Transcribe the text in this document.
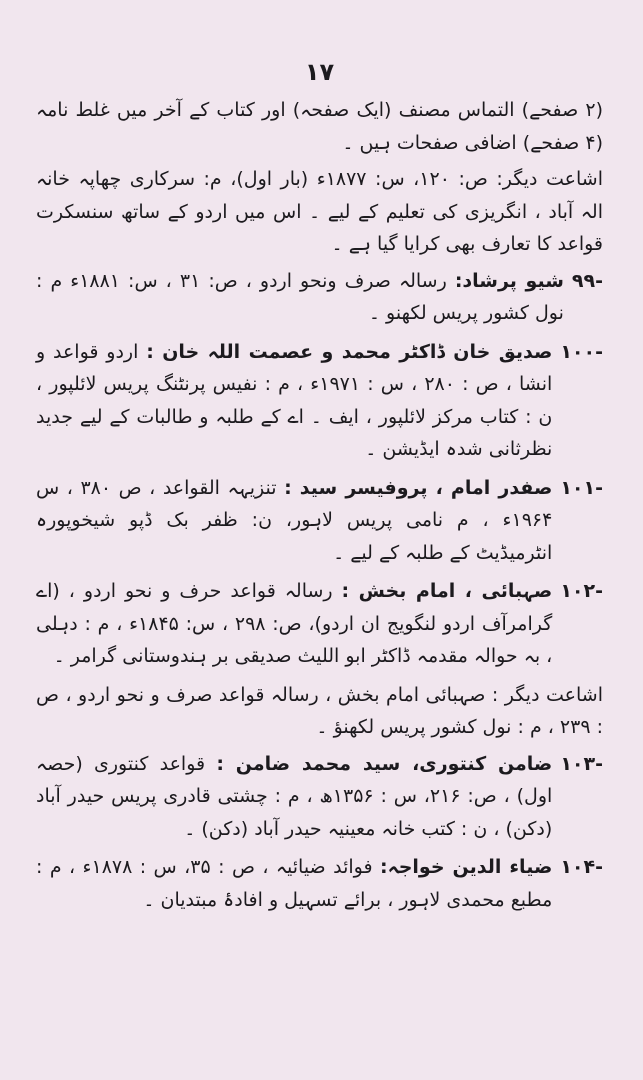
۱۷

(۲ صفحے) التماس مصنف (ایک صفحہ) اور کتاب کے آخر میں غلط نامہ (۴ صفحے) اضافی صفحات ہیں ۔

اشاعت دیگر: ص: ۱۲۰، س: ۱۸۷۷ء (بار اول)، م: سرکاری چھاپہ خانہ الہ آباد ، انگریزی کی تعلیم کے لیے ۔ اس میں اردو کے ساتھ سنسکرت قواعد کا تعارف بھی کرایا گیا ہے ۔

-۹۹
شیو پرشاد: رسالہ صرف ونحو اردو ، ص: ۳۱ ، س: ۱۸۸۱ء م : نول کشور پریس لکھنو ۔
-۱۰۰
صدیق خان ڈاکٹر محمد و عصمت اللہ خان : اردو قواعد و انشا ، ص : ۲۸۰ ، س : ۱۹۷۱ء ، م : نفیس پرنٹنگ پریس لائلپور ، ن : کتاب مرکز لائلپور ، ایف ۔ اے کے طلبہ و طالبات کے لیے جدید نظرثانی شدہ ایڈیشن ۔
-۱۰۱
صفدر امام ، پروفیسر سید : تنزیہہ القواعد ، ص ۳۸۰ ، س ۱۹۶۴ء ، م نامی پریس لاہور، ن: ظفر بک ڈپو شیخوپورہ انٹرمیڈیٹ کے طلبہ کے لیے ۔
-۱۰۲
صہبائی ، امام بخش : رسالہ قواعد حرف و نحو اردو ، (اے گرامرآف اردو لنگویج ان اردو)، ص: ۲۹۸ ، س: ۱۸۴۵ء ، م : دہلی ، بہ حوالہ مقدمہ ڈاکٹر ابو اللیث صدیقی بر ہندوستانی گرامر ۔

اشاعت دیگر : صہبائی امام بخش ، رسالہ قواعد صرف و نحو اردو ، ص : ۲۳۹ ، م : نول کشور پریس لکھنؤ ۔

-۱۰۳
ضامن کنتوری، سید محمد ضامن : قواعد کنتوری (حصہ اول) ، ص: ۲۱۶، س : ۱۳۵۶ھ ، م : چشتی قادری پریس حیدر آباد (دکن) ، ن : کتب خانہ معینیہ حیدر آباد (دکن) ۔
-۱۰۴
ضیاء الدین خواجہ: فوائد ضیائیہ ، ص : ۳۵، س : ۱۸۷۸ء ، م : مطبع محمدی لاہور ، برائے تسہیل و افادۂ مبتدیان ۔
